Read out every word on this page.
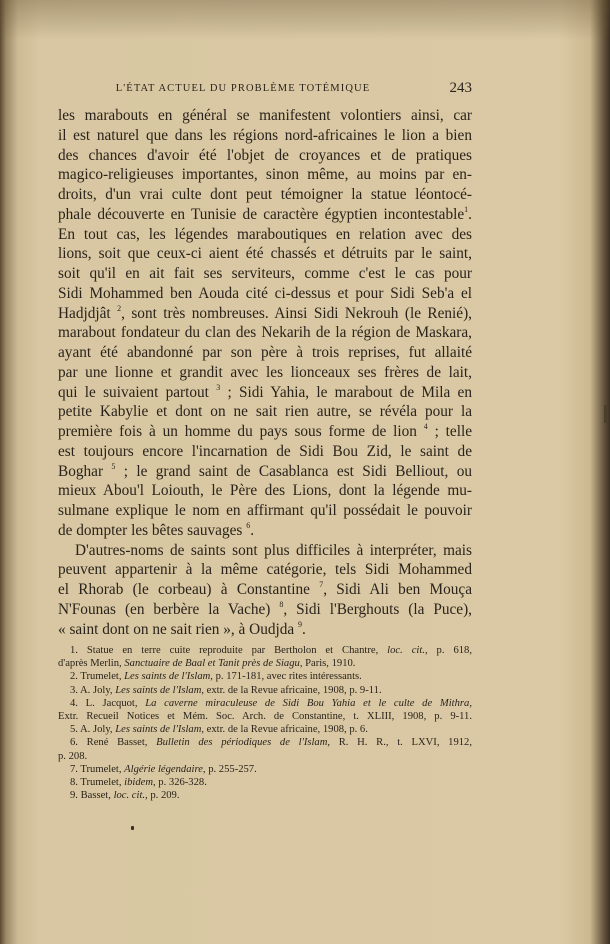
L'ÉTAT ACTUEL DU PROBLÈME TOTÉMIQUE	243
les marabouts en général se manifestent volontiers ainsi, car
il est naturel que dans les régions nord-africaines le lion a bien
des chances d'avoir été l'objet de croyances et de pratiques
magico-religieuses importantes, sinon même, au moins par en-
droits, d'un vrai culte dont peut témoigner la statue léontocé-
phale découverte en Tunisie de caractère égyptien incontestable$^1$.
En tout cas, les légendes maraboutiques en relation avec des
lions, soit que ceux-ci aient été chassés et détruits par le saint,
soit qu'il en ait fait ses serviteurs, comme c'est le cas pour
Sidi Mohammed ben Aouda cité ci-dessus et pour Sidi Seb'a el
Hadjdjât $^2$, sont très nombreuses. Ainsi Sidi Nekrouh (le Renié),
marabout fondateur du clan des Nekarih de la région de Maskara,
ayant été abandonné par son père à trois reprises, fut allaité
par une lionne et grandit avec les lionceaux ses frères de lait,
qui le suivaient partout $^3$ ; Sidi Yahia, le marabout de Mila en
petite Kabylie et dont on ne sait rien autre, se révéla pour la
première fois à un homme du pays sous forme de lion $^4$ ; telle
est toujours encore l'incarnation de Sidi Bou Zid, le saint de
Boghar $^5$ ; le grand saint de Casablanca est Sidi Belliout, ou
mieux Abou'l Loiouth, le Père des Lions, dont la légende mu-
sulmane explique le nom en affirmant qu'il possédait le pouvoir
de dompter les bêtes sauvages $^6$.
D'autres-noms de saints sont plus difficiles à interpréter, mais
peuvent appartenir à la même catégorie, tels Sidi Mohammed
el Rhorab (le corbeau) à Constantine $^7$, Sidi Ali ben Mouça
N'Founas (en berbère la Vache) $^8$, Sidi l'Berghouts (la Puce),
« saint dont on ne sait rien », à Oudjda $^9$.
1. Statue en terre cuite reproduite par Bertholon et Chantre, loc. cit., p. 618,
d'après Merlin, Sanctuaire de Baal et Tanit près de Siagu, Paris, 1910.
2. Trumelet, Les saints de l'Islam, p. 171-181, avec rites intéressants.
3. A. Joly, Les saints de l'Islam, extr. de la Revue africaine, 1908, p. 9-11.
4. L. Jacquot, La caverne miraculeuse de Sidi Bou Yahia et le culte de Mithra,
Extr. Recueil Notices et Mém. Soc. Arch. de Constantine, t. XLIII, 1908, p. 9-11.
5. A. Joly, Les saints de l'Islam, extr. de la Revue africaine, 1908, p. 6.
6. René Basset, Bulletin des périodiques de l'Islam, R. H. R., t. LXVI, 1912,
p. 208.
7. Trumelet, Algérie légendaire, p. 255-257.
8. Trumelet, ibidem, p. 326-328.
9. Basset, loc. cit., p. 209.
